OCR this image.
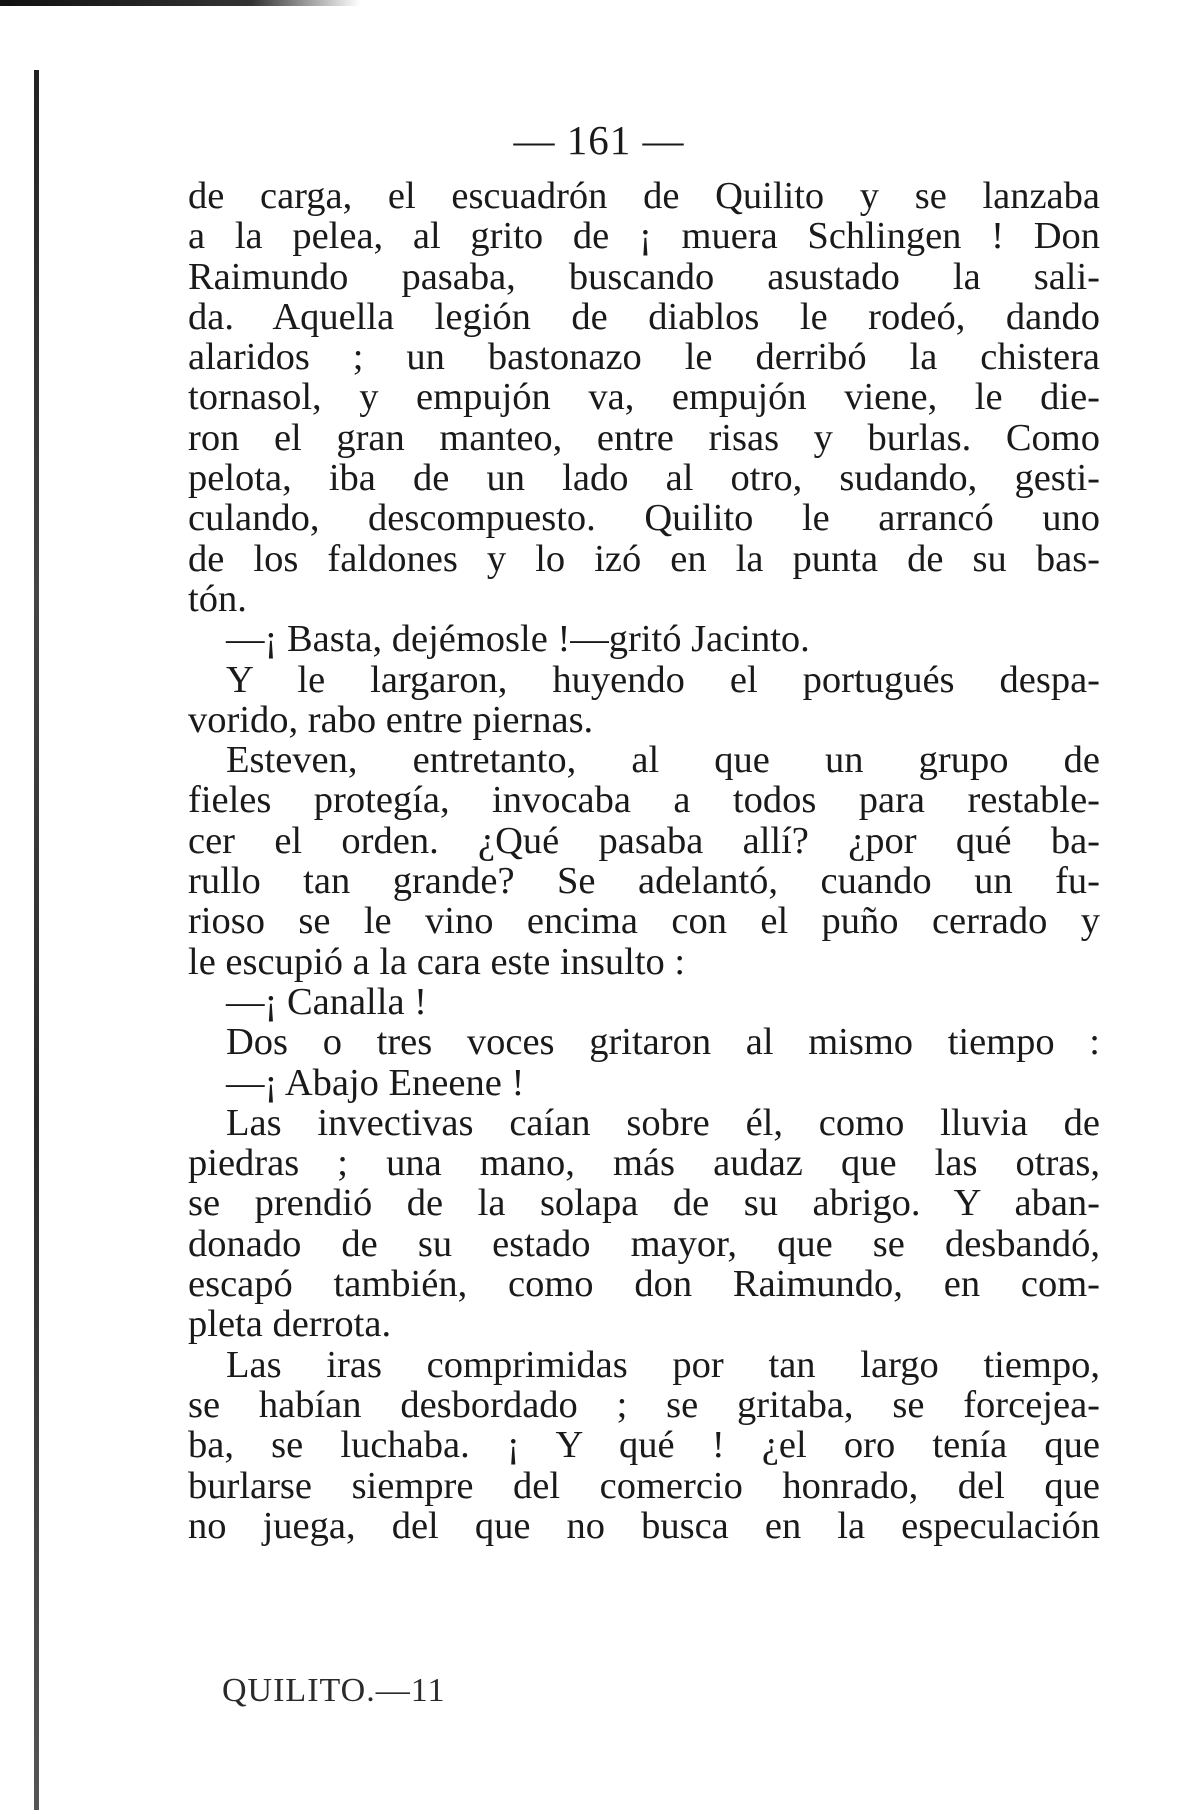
— 161 —
de carga, el escuadrón de Quilito y se lanzaba
a la pelea, al grito de ¡ muera Schlingen ! Don
Raimundo pasaba, buscando asustado la sali-
da. Aquella legión de diablos le rodeó, dando
alaridos ; un bastonazo le derribó la chistera
tornasol, y empujón va, empujón viene, le die-
ron el gran manteo, entre risas y burlas. Como
pelota, iba de un lado al otro, sudando, gesti-
culando, descompuesto. Quilito le arrancó uno
de los faldones y lo izó en la punta de su bas-
tón.
—¡ Basta, dejémosle !—gritó Jacinto.
Y le largaron, huyendo el portugués despa-
vorido, rabo entre piernas.
Esteven, entretanto, al que un grupo de
fieles protegía, invocaba a todos para restable-
cer el orden. ¿Qué pasaba allí? ¿por qué ba-
rullo tan grande? Se adelantó, cuando un fu-
rioso se le vino encima con el puño cerrado y
le escupió a la cara este insulto :
—¡ Canalla !
Dos o tres voces gritaron al mismo tiempo :
—¡ Abajo Eneene !
Las invectivas caían sobre él, como lluvia de
piedras ; una mano, más audaz que las otras,
se prendió de la solapa de su abrigo. Y aban-
donado de su estado mayor, que se desbandó,
escapó también, como don Raimundo, en com-
pleta derrota.
Las iras comprimidas por tan largo tiempo,
se habían desbordado ; se gritaba, se forcejea-
ba, se luchaba. ¡ Y qué ! ¿el oro tenía que
burlarse siempre del comercio honrado, del que
no juega, del que no busca en la especulación
QUILITO.—11
